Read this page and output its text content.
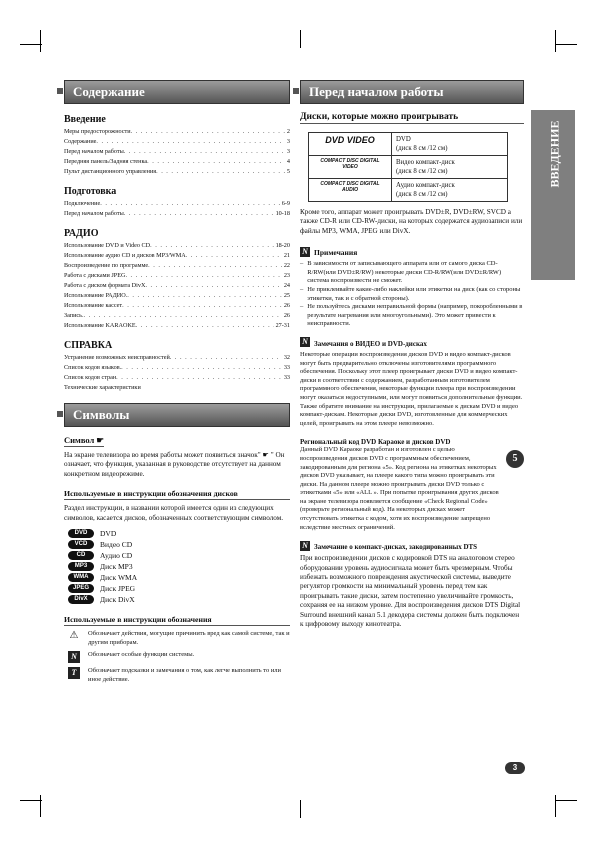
Содержание

Введение

Меры предосторожности . . .	2
Содержание . . .	3
Перед началом работы . . .	3
Передняя панель/Задняя стенка . . .	4
Пульт дистанционного управления . . .	5

Подготовка

Подключение . . .	6-9
Перед началом работы . . .	10-18

РАДИО

Использование DVD и Video CD . . .	18-20
Использование аудио CD и дисков MP3/WMA . . .	21
Воспроизведение по программе . . .	22
Работа с дисками JPEG . . .	23
Работа с диском формата DivX . . .	24
Использование РАДИО. . . .	25
Использование кассет . . .	26
Запись. . . .	26
Использование KARAOKE . . .	27-31

СПРАВКА

Устранение возможных неисправностей . . .	32
Список кодов языков. . . .	33
Список кодов стран . . .	33
Технические характеристики
Символы

Символ ☛

На экране телевизора во время работы может появиться значок" ☛ " Он означает, что функция, указанная в руководстве отсутствует на данном конкретном видеорежиме.

Используемые в инструкции обозначения дисков

Раздел инструкции, в названии которой имеется один из следующих символов, касается дисков, обозначенных соответствующим символом.

DVD	DVD
VCD	Видео CD
CD	Аудио CD
MP3	Диск MP3
WMA	Диск WMA
JPEG	Диск JPEG
DivX	Диск DivX

Используемые в инструкции обозначения

⚠ Обозначает действия, могущие причинить вред как самой системе, так и другим приборам.
N	Обозначает особые функции системы.
T	Обозначает подсказки и замечания о том, как легче выполнить то или иное действие.
Перед началом работы

Диски, которые можно проигрывать

DVD VIDEO	DVD
(диск 8 см /12 см)

COMPACT DISC DIGITAL VIDEO	Видео компакт-диск
(диск 8 см /12 см)

COMPACT DISC DIGITAL AUDIO	Аудио компакт-диск
(диск 8 см /12 см)

Кроме того, аппарат может проигрывать DVD±R, DVD±RW, SVCD а также CD-R или CD-RW-диски, на которых содержатся аудиозаписи или файлы MP3, WMA, JPEG или DivX.

N Примечания
– В зависимости от записывающего аппарата или от самого диска CD-R/RW(или DVD±R/RW) некоторые диски CD-R/RW(или DVD±R/RW) система воспроизвести не сможет.
– Не приклеивайте какие-либо наклейки или этикетки на диск (как со стороны этикетки, так и с обратной стороны).
– Не пользуйтесь дисками неправильной формы (например, покоробленными в результате нагревания или многоугольными). Это может привести к неисправности.
N Замечания о ВИДЕО и DVD-дисках

Некоторые операции воспроизведения дисков DVD и видео компакт-дисков могут быть предварительно отключены изготовителями программного обеспечения. Поскольку этот плеер проигрывает диски DVD и видео компакт-диски в соответствии с содержанием, разработанным изготовителем программного обеспечения, некоторые функции плеера при воспроизведении могут оказаться недоступными, или могут появиться дополнительные функции. Также обратите внимание на инструкции, прилагаемые к дискам DVD и видео компакт-дискам. Некоторые диски DVD, изготовленные для коммерческих целей, проигрывать на этом плеере невозможно.

Региональный код DVD Караоке и дисков DVD

5

Данный DVD Караоке разработан и изготовлен с целью воспроизведения дисков DVD с программным обеспечением, закодированным для региона «5». Код региона на этикетках некоторых дисков DVD указывает, на плеере какого типа можно проигрывать эти диски. На данном плеере можно проигрывать диски DVD только с этикетками «5» или «ALL ». При попытке проигрывания других дисков на экране телевизора появляется сообщение «Check Regional Code» (проверьте региональный код). На некоторых дисках может отсутствовать этикетка с кодом, хотя их воспроизведение запрещено вследствие местных ограничений.

N Замечание о компакт-дисках, закодированных DTS

При воспроизведении дисков с кодировкой DTS на аналоговом стерео оборудовании уровень аудиосигнала может быть чрезмерным. Чтобы избежать возможного повреждения акустической системы, выведите регулятор громкости на минимальный уровень перед тем как проигрывать такие диски, затем постепенно увеличивайте громкость, сохраняя ее на низком уровне. Для воспроизведения дисков DTS Digital Surround внешний канал 5.1 декодера системы должен быть подключен к цифровому выходу кинотеатра.

ВВЕДЕНИЕ
3
